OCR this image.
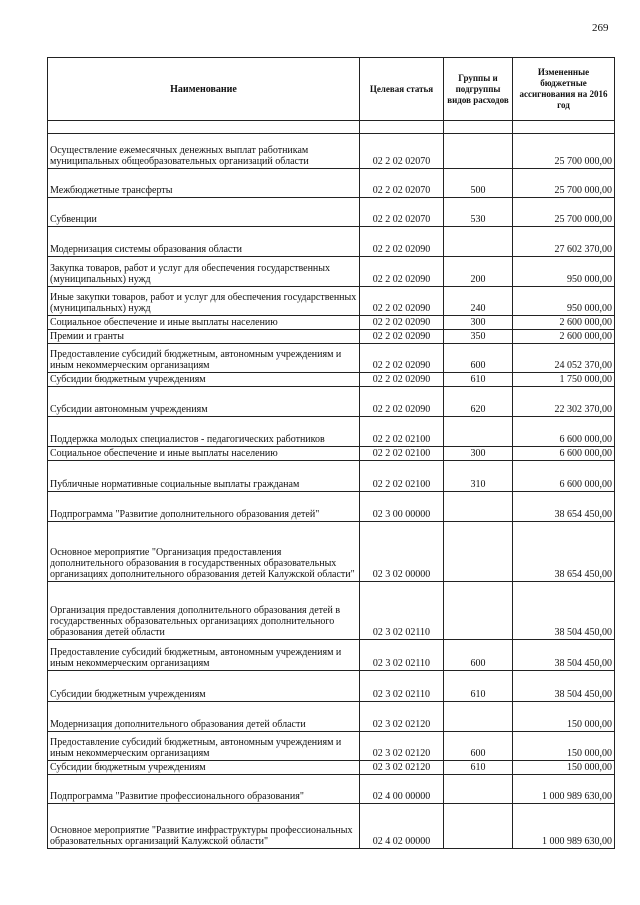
269
Наименование	Целевая статья	Группы и подгруппы видов расходов	Измененные бюджетные ассигнования на 2016 год

Осуществление ежемесячных денежных выплат работникам муниципальных общеобразовательных организаций области	02 2 02 02070		25 700 000,00
Межбюджетные трансферты	02 2 02 02070	500	25 700 000,00
Субвенции	02 2 02 02070	530	25 700 000,00
Модернизация системы образования области	02 2 02 02090		27 602 370,00
Закупка товаров, работ и услуг для обеспечения государственных (муниципальных) нужд	02 2 02 02090	200	950 000,00
Иные закупки товаров, работ и услуг для обеспечения государственных (муниципальных) нужд	02 2 02 02090	240	950 000,00
Социальное обеспечение и иные выплаты населению	02 2 02 02090	300	2 600 000,00
Премии и гранты	02 2 02 02090	350	2 600 000,00
Предоставление субсидий бюджетным, автономным учреждениям и иным некоммерческим организациям	02 2 02 02090	600	24 052 370,00
Субсидии бюджетным учреждениям	02 2 02 02090	610	1 750 000,00
Субсидии автономным учреждениям	02 2 02 02090	620	22 302 370,00
Поддержка молодых специалистов - педагогических работников	02 2 02 02100		6 600 000,00
Социальное обеспечение и иные выплаты населению	02 2 02 02100	300	6 600 000,00
Публичные нормативные социальные выплаты гражданам	02 2 02 02100	310	6 600 000,00
Подпрограмма "Развитие дополнительного образования детей"	02 3 00 00000		38 654 450,00
Основное мероприятие "Организация предоставления дополнительного образования в государственных образовательных организациях дополнительного образования детей Калужской области"	02 3 02 00000		38 654 450,00
Организация предоставления дополнительного образования детей в государственных образовательных организациях дополнительного образования детей области	02 3 02 02110		38 504 450,00
Предоставление субсидий бюджетным, автономным учреждениям и иным некоммерческим организациям	02 3 02 02110	600	38 504 450,00
Субсидии бюджетным учреждениям	02 3 02 02110	610	38 504 450,00
Модернизация дополнительного образования детей области	02 3 02 02120		150 000,00
Предоставление субсидий бюджетным, автономным учреждениям и иным некоммерческим организациям	02 3 02 02120	600	150 000,00
Субсидии бюджетным учреждениям	02 3 02 02120	610	150 000,00
Подпрограмма "Развитие профессионального образования"	02 4 00 00000		1 000 989 630,00
Основное мероприятие "Развитие инфраструктуры профессиональных образовательных организаций Калужской области"	02 4 02 00000		1 000 989 630,00
